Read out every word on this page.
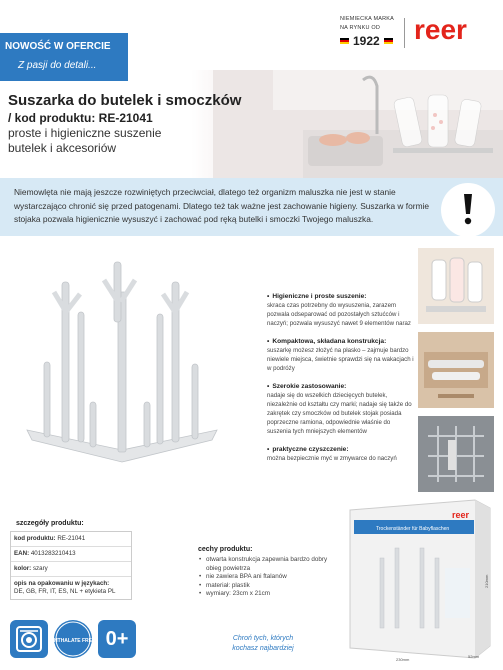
NIEMIECKA MARKA
NA RYNKU OD
1922 reer
NOWOŚĆ W OFERCIE
Z pasji do detali...
Suszarka do butelek i smoczków
/ kod produktu: RE-21041
proste i higieniczne suszenie
butelek i akcesoriów
Niemowlęta nie mają jeszcze rozwiniętych przeciwciał, dlatego też organizm maluszka nie jest w stanie wystarczająco chronić się przed patogenami. Dlatego też tak ważne jest zachowanie higieny. Suszarka w formie stojaka pozwala higienicznie wysuszyć i zachować pod ręką butelki i smoczki Twojego maluszka.
• Higieniczne i proste suszenie:
skraca czas potrzebny do wysuszenia, zarazem pozwala odseparować od pozostałych sztućców i naczyń; pozwala wysuszyć nawet 9 elementów naraz
• Kompaktowa, składana konstrukcja:
suszarkę możesz złożyć na płasko – zajmuje bardzo niewiele miejsca, świetnie sprawdzi się na wakacjach i w podróży
• Szerokie zastosowanie:
nadaje się do wszelkich dziecięcych butelek, niezależnie od kształtu czy marki; nadaje się także do zakrętek czy smoczków od butelek stojak posiada poprzeczne ramiona, odpowiednie właśnie do suszenia tych mniejszych elementów
• praktyczne czyszczenie:
można bezpiecznie myć w zmywarce do naczyń
reer
Trockenständer für Babyflaschen
230mm
210mm
52mm
szczegóły produktu:
kod produktu: RE-21041
EAN: 4013283210413
kolor: szary
opis na opakowaniu w językach:
DE, GB, FR, IT, ES, NL + etykieta PL
cechy produktu:
• otwarta konstrukcja zapewnia bardzo dobry obieg powietrza
• nie zawiera BPA ani ftalanów
• materiał: plastik
• wymiary: 23cm x 21cm
PHTHALATE FREE 0+	Chroń tych, których
kochasz najbardziej
